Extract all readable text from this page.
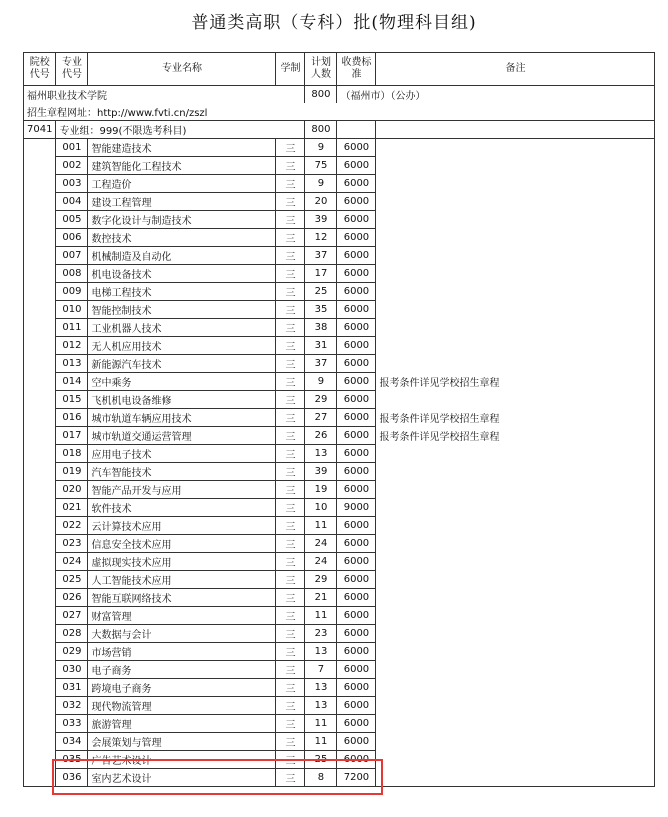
普通类高职（专科）批(物理科目组)
院校代号	专业代号	专业名称	学制	计划人数	收费标准	备注
福州职业技术学院				800	（福州市）（公办）	
招生章程网址：http://www.fvti.cn/zszl						
7041	专业组：999(不限选考科目)			800		
	001	智能建造技术	三	9	6000	
	002	建筑智能化工程技术	三	75	6000	
	003	工程造价	三	9	6000	
	004	建设工程管理	三	20	6000	
	005	数字化设计与制造技术	三	39	6000	
	006	数控技术	三	12	6000	
	007	机械制造及自动化	三	37	6000	
	008	机电设备技术	三	17	6000	
	009	电梯工程技术	三	25	6000	
	010	智能控制技术	三	35	6000	
	011	工业机器人技术	三	38	6000	
	012	无人机应用技术	三	31	6000	
	013	新能源汽车技术	三	37	6000	
	014	空中乘务	三	9	6000	报考条件详见学校招生章程
	015	飞机机电设备维修	三	29	6000	
	016	城市轨道车辆应用技术	三	27	6000	报考条件详见学校招生章程
	017	城市轨道交通运营管理	三	26	6000	报考条件详见学校招生章程
	018	应用电子技术	三	13	6000	
	019	汽车智能技术	三	39	6000	
	020	智能产品开发与应用	三	19	6000	
	021	软件技术	三	10	9000	
	022	云计算技术应用	三	11	6000	
	023	信息安全技术应用	三	24	6000	
	024	虚拟现实技术应用	三	24	6000	
	025	人工智能技术应用	三	29	6000	
	026	智能互联网络技术	三	21	6000	
	027	财富管理	三	11	6000	
	028	大数据与会计	三	23	6000	
	029	市场营销	三	13	6000	
	030	电子商务	三	7	6000	
	031	跨境电子商务	三	13	6000	
	032	现代物流管理	三	13	6000	
	033	旅游管理	三	11	6000	
	034	会展策划与管理	三	11	6000	
	035	广告艺术设计	三	25	6000	
	036	室内艺术设计	三	8	7200	
